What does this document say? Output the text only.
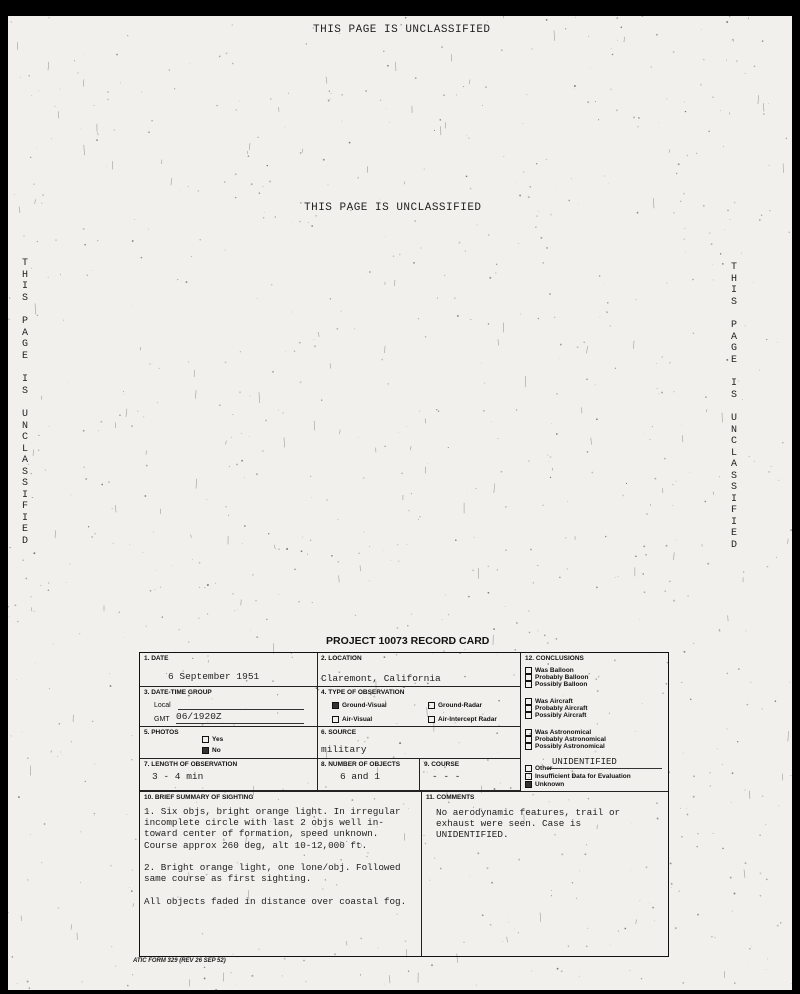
THIS PAGE IS UNCLASSIFIED
THIS PAGE IS UNCLASSIFIED
T
H
I
S
P
A
G
E
I
S
U
N
C
L
A
S
S
I
F
I
E
D
T
H
I
S
P
A
G
E
I
S
U
N
C
L
A
S
S
I
F
I
E
D
PROJECT 10073 RECORD CARD
1. DATE
6 September 1951
2. LOCATION
Claremont, California
3. DATE-TIME GROUP
Local
GMT 06/1920Z
4. TYPE OF OBSERVATION
Ground-Visual	Ground-Radar
Air-Visual	Air-Intercept Radar
5. PHOTOS
Yes
No
6. SOURCE
military
7. LENGTH OF OBSERVATION
3 - 4 min
8. NUMBER OF OBJECTS
6 and 1
9. COURSE
- - -
12. CONCLUSIONS
Was Balloon
Probably Balloon
Possibly Balloon
Was Aircraft
Probably Aircraft
Possibly Aircraft
Was Astronomical
Probably Astronomical
Possibly Astronomical
Other
UNIDENTIFIED
Insufficient Data for Evaluation
Unknown
10. BRIEF SUMMARY OF SIGHTING
1. Six objs, bright orange light. In irregular
incomplete circle with last 2 objs well in-
toward center of formation, speed unknown.
Course approx 260 deg, alt 10-12,000 ft.
2. Bright orange light, one lone/obj. Followed
same course as first sighting.
All objects faded in distance over coastal fog.
11. COMMENTS
No aerodynamic features, trail or
exhaust were seen. Case is
UNIDENTIFIED.
ATIC FORM 329 (REV 26 SEP 52)
